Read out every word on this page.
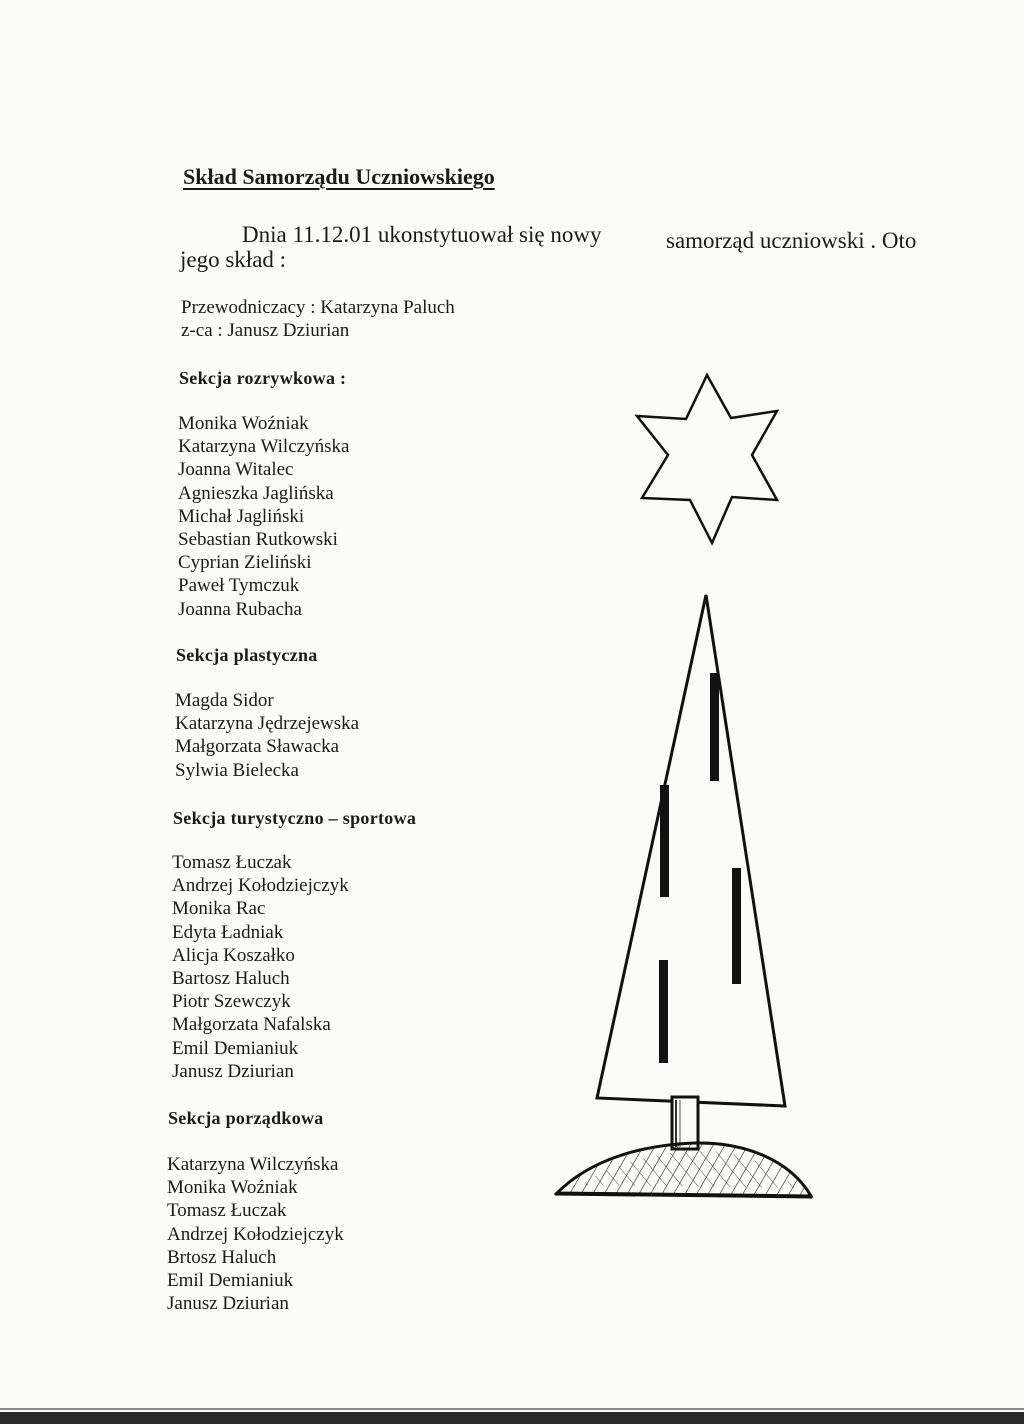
Skład Samorządu Uczniowskiego
Dnia 11.12.01 ukonstytuował się nowy	samorząd uczniowski . Oto
jego skład :
Przewodniczacy : Katarzyna Paluch
z-ca : Janusz Dziurian
Sekcja rozrywkowa :
Monika Woźniak
Katarzyna Wilczyńska
Joanna Witalec
Agnieszka Jaglińska
Michał Jagliński
Sebastian Rutkowski
Cyprian Zieliński
Paweł Tymczuk
Joanna Rubacha
Sekcja plastyczna
Magda Sidor
Katarzyna Jędrzejewska
Małgorzata Sławacka
Sylwia Bielecka
Sekcja turystyczno – sportowa
Tomasz Łuczak
Andrzej Kołodziejczyk
Monika Rac
Edyta Ładniak
Alicja Koszałko
Bartosz Haluch
Piotr Szewczyk
Małgorzata Nafalska
Emil Demianiuk
Janusz Dziurian
Sekcja porządkowa
Katarzyna Wilczyńska
Monika Woźniak
Tomasz Łuczak
Andrzej Kołodziejczyk
Brtosz Haluch
Emil Demianiuk
Janusz Dziurian
